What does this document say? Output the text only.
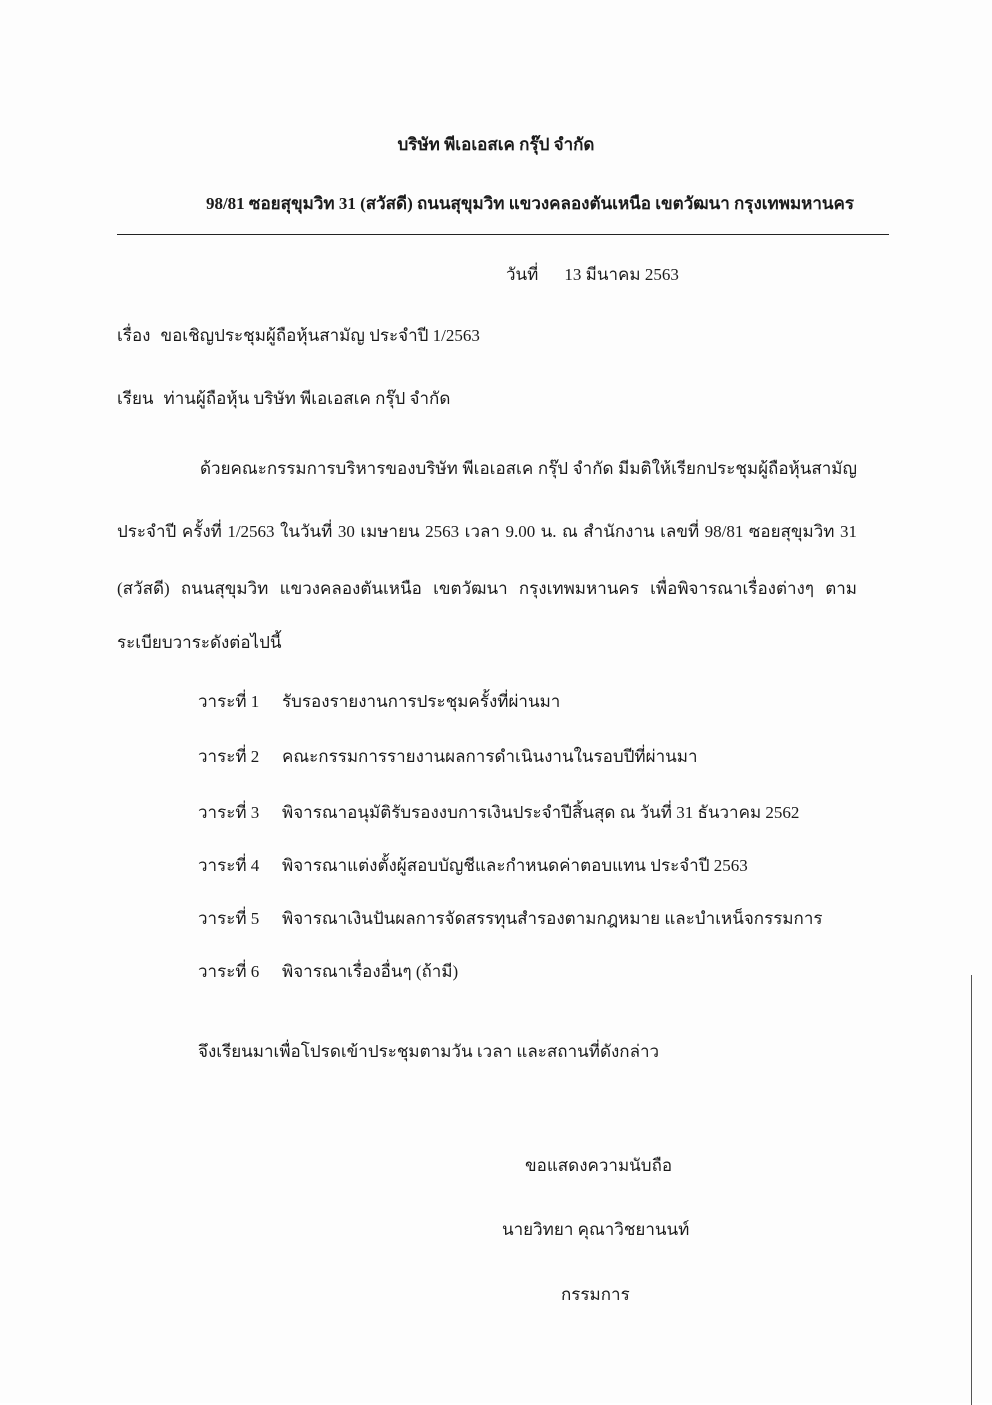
บริษัท พีเอเอสเค กรุ๊ป จำกัด
98/81 ซอยสุขุมวิท 31 (สวัสดี) ถนนสุขุมวิท แขวงคลองตันเหนือ เขตวัฒนา กรุงเทพมหานคร
วันที่ 13 มีนาคม 2563
เรื่อง ขอเชิญประชุมผู้ถือหุ้นสามัญ ประจำปี 1/2563
เรียน ท่านผู้ถือหุ้น บริษัท พีเอเอสเค กรุ๊ป จำกัด
ด้วยคณะกรรมการบริหารของบริษัท พีเอเอสเค กรุ๊ป จำกัด มีมติให้เรียกประชุมผู้ถือหุ้นสามัญ
ประจำปี ครั้งที่ 1/2563 ในวันที่ 30 เมษายน 2563 เวลา 9.00 น. ณ สำนักงาน เลขที่ 98/81 ซอยสุขุมวิท 31
(สวัสดี) ถนนสุขุมวิท แขวงคลองตันเหนือ เขตวัฒนา กรุงเทพมหานคร เพื่อพิจารณาเรื่องต่างๆ ตาม
ระเบียบวาระดังต่อไปนี้
วาระที่ 1 รับรองรายงานการประชุมครั้งที่ผ่านมา
วาระที่ 2 คณะกรรมการรายงานผลการดำเนินงานในรอบปีที่ผ่านมา
วาระที่ 3 พิจารณาอนุมัติรับรองงบการเงินประจำปีสิ้นสุด ณ วันที่ 31 ธันวาคม 2562
วาระที่ 4 พิจารณาแต่งตั้งผู้สอบบัญชีและกำหนดค่าตอบแทน ประจำปี 2563
วาระที่ 5 พิจารณาเงินปันผลการจัดสรรทุนสำรองตามกฎหมาย และบำเหน็จกรรมการ
วาระที่ 6 พิจารณาเรื่องอื่นๆ (ถ้ามี)
จึงเรียนมาเพื่อโปรดเข้าประชุมตามวัน เวลา และสถานที่ดังกล่าว
ขอแสดงความนับถือ
นายวิทยา คุณาวิชยานนท์
กรรมการ
